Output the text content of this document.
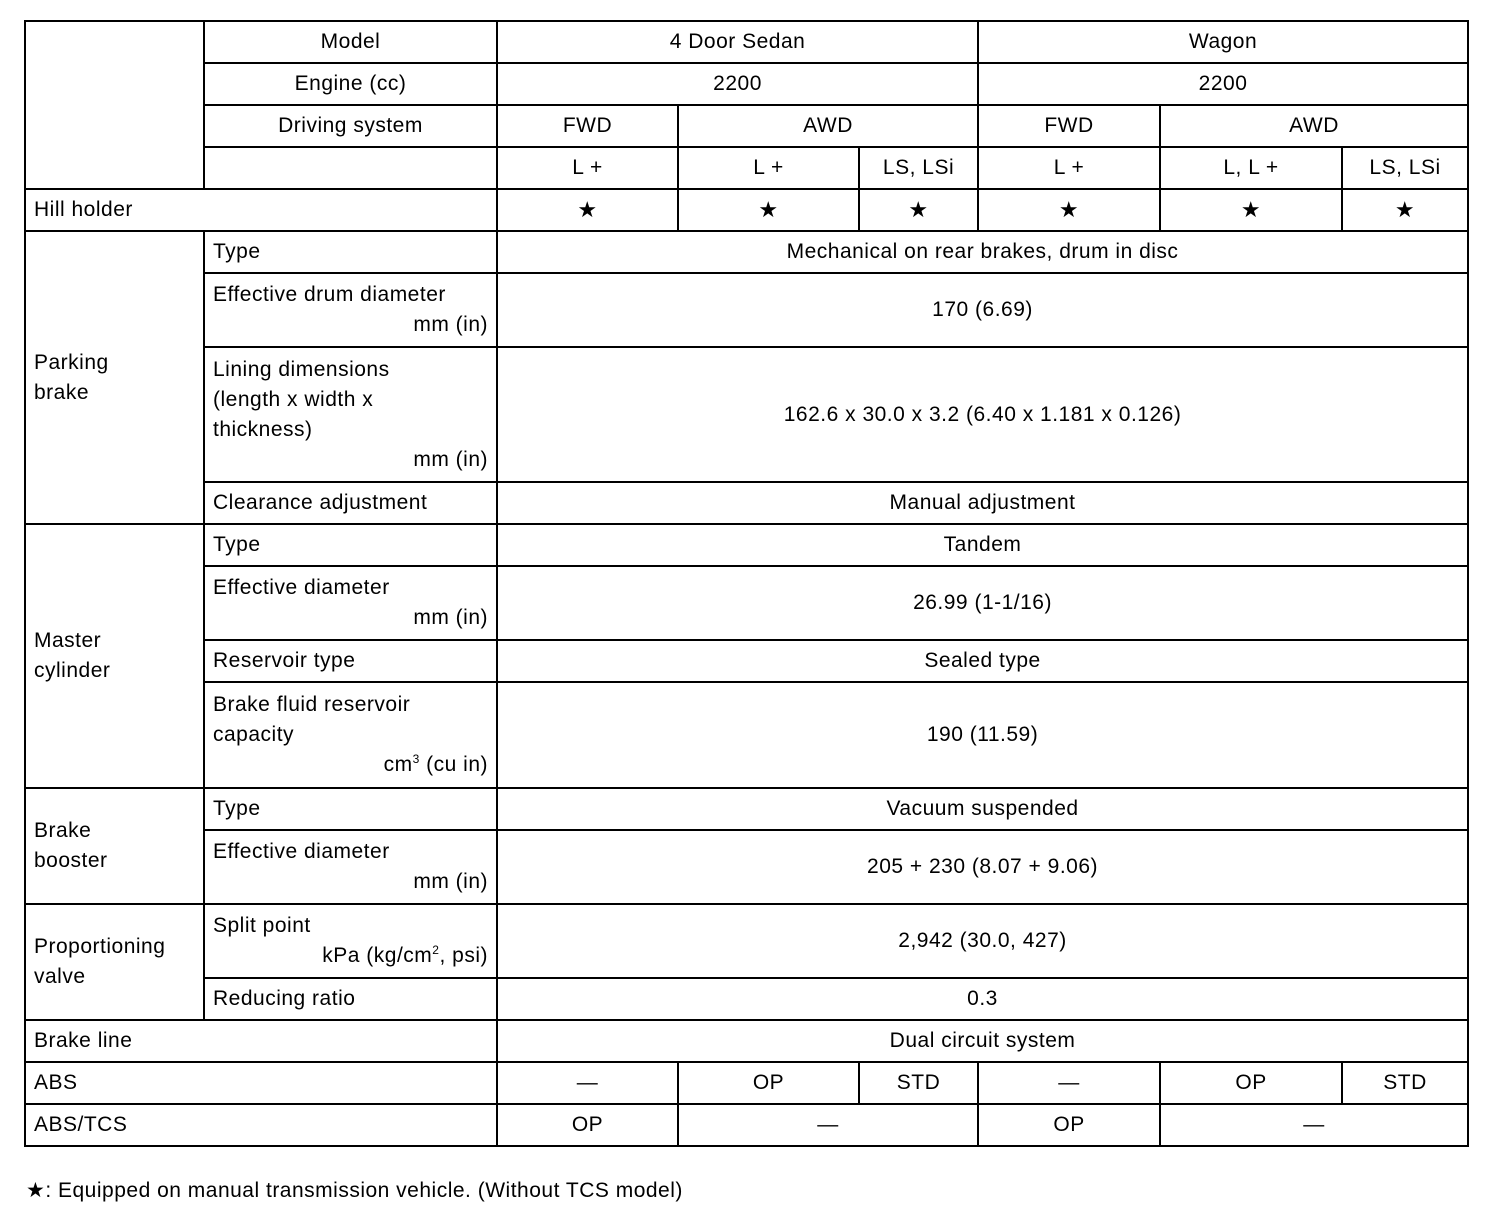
	Model	4 Door Sedan			Wagon		
	Engine (cc)	2200			2200		
	Driving system	FWD	AWD		FWD	AWD	
		L +	L +	LS, LSi	L +	L, L +	LS, LSi
Hill holder		★	★	★	★	★	★
Parking brake	Type	Mechanical on rear brakes, drum in disc					
	Effective drum diameter
mm (in)	170 (6.69)					

	Lining dimensions
(length x width x
thickness)
mm (in)	162.6 x 30.0 x 3.2 (6.40 x 1.181 x 0.126)					
	Clearance adjustment	Manual adjustment					
Master cylinder	Type	Tandem					
	Effective diameter
mm (in)	26.99 (1-1/16)					
	Reservoir type	Sealed type					

	Brake fluid reservoir
capacity
$cm^3$ (cu in)	190 (11.59)					
Brake booster	Type	Vacuum suspended					
	Effective diameter
mm (in)	205 + 230 (8.07 + 9.06)					
Proportioning valve	Split point
kPa ($kg/cm^2$, psi)	2,942 (30.0, 427)					
	Reducing ratio	0.3					
Brake line		Dual circuit system					
ABS		—	OP	STD	—	OP	STD
ABS/TCS		OP	—		OP	—	
★: Equipped on manual transmission vehicle. (Without TCS model)
